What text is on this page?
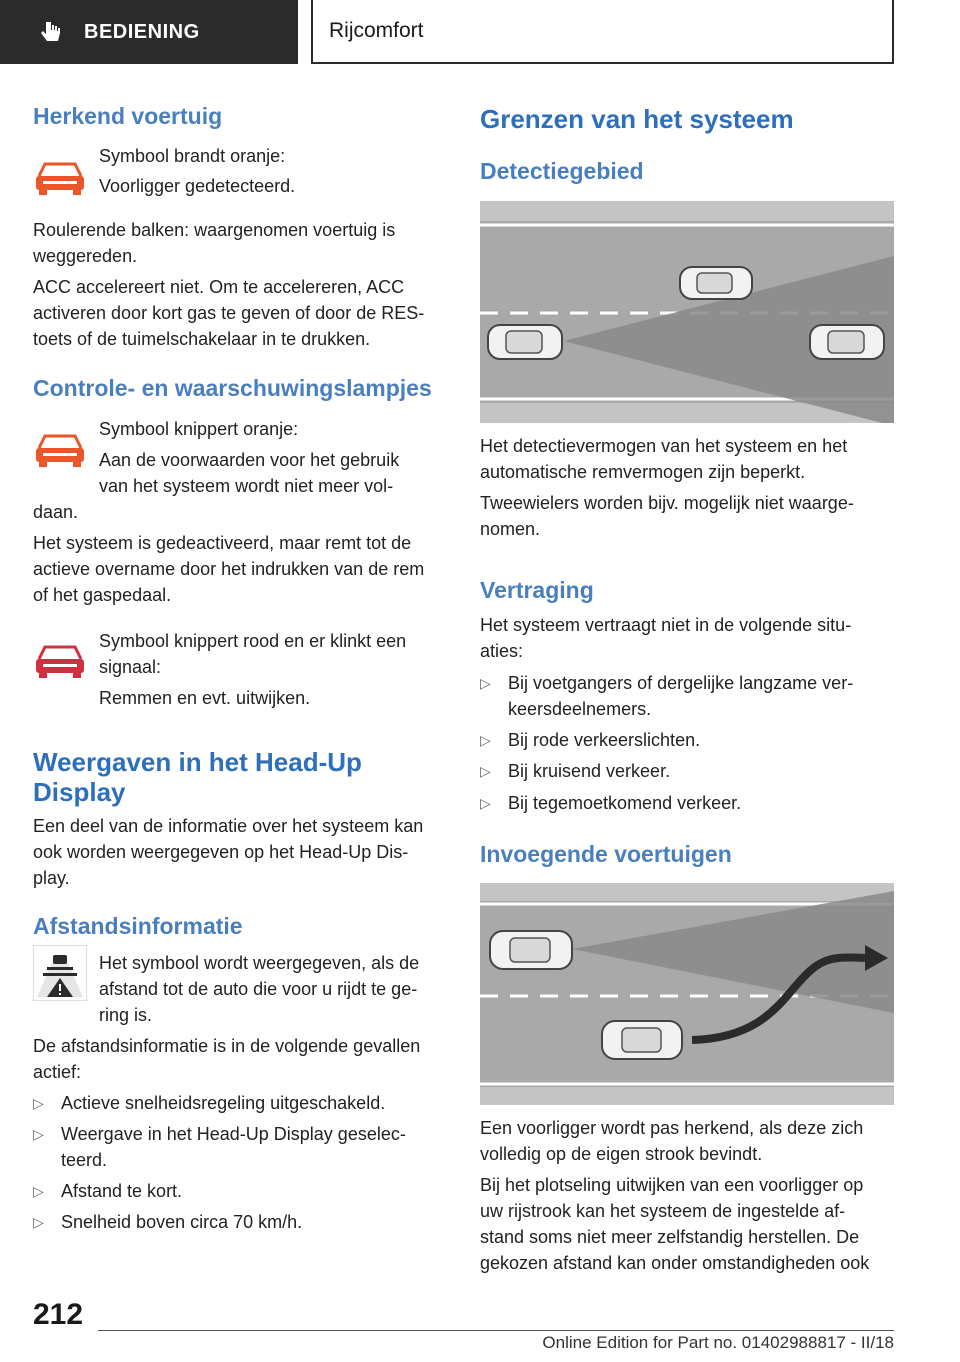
BEDIENING	Rijcomfort
Herkend voertuig

Symbool brandt oranje:

Voorligger gedetecteerd.

Roulerende balken: waargenomen voertuig is

weggereden.

ACC accelereert niet. Om te accelereren, ACC

activeren door kort gas te geven of door de RES-

toets of de tuimelschakelaar in te drukken.

Controle- en waarschuwingslampjes

Symbool knippert oranje:

Aan de voorwaarden voor het gebruik

van het systeem wordt niet meer vol-

daan.

Het systeem is gedeactiveerd, maar remt tot de

actieve overname door het indrukken van de rem

of het gaspedaal.

Symbool knippert rood en er klinkt een

signaal:

Remmen en evt. uitwijken.

Weergaven in het Head-Up
Display

Een deel van de informatie over het systeem kan

ook worden weergegeven op het Head-Up Dis-

play.

Afstandsinformatie

Het symbool wordt weergegeven, als de

afstand tot de auto die voor u rijdt te ge-

ring is.

De afstandsinformatie is in de volgende gevallen

actief:

▷ Actieve snelheidsregeling uitgeschakeld.
▷ Weergave in het Head-Up Display geselec-
teerd.
▷ Afstand te kort.
▷ Snelheid boven circa 70 km/h.
Grenzen van het systeem
Detectiegebied

Het detectievermogen van het systeem en het

automatische remvermogen zijn beperkt.

Tweewielers worden bijv. mogelijk niet waarge-

nomen.

Vertraging

Het systeem vertraagt niet in de volgende situ-

aties:

▷ Bij voetgangers of dergelijke langzame ver-
keersdeelnemers.
▷ Bij rode verkeerslichten.
▷ Bij kruisend verkeer.
▷ Bij tegemoetkomend verkeer.
Invoegende voertuigen

Een voorligger wordt pas herkend, als deze zich

volledig op de eigen strook bevindt.

Bij het plotseling uitwijken van een voorligger op

uw rijstrook kan het systeem de ingestelde af-

stand soms niet meer zelfstandig herstellen. De

gekozen afstand kan onder omstandigheden ook

212
Online Edition for Part no. 01402988817 - II/18
